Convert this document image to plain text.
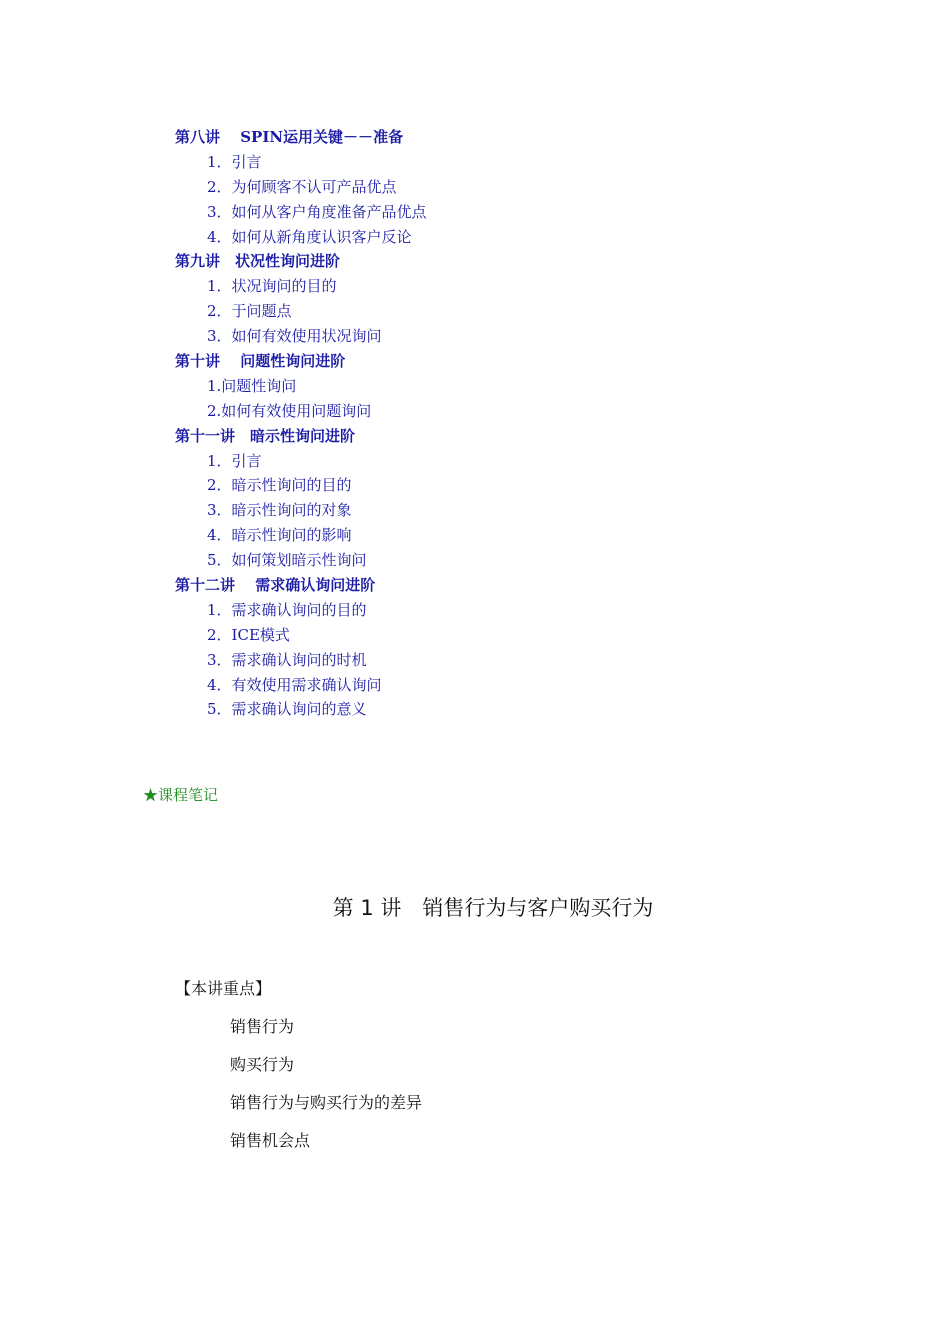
第八讲　 SPIN运用关键－－准备
1．引言
2．为何顾客不认可产品优点
3．如何从客户角度准备产品优点
4．如何从新角度认识客户反论
第九讲　状况性询问进阶
1．状况询问的目的
2．于问题点
3．如何有效使用状况询问
第十讲　 问题性询问进阶
1.问题性询问
2.如何有效使用问题询问
第十一讲　暗示性询问进阶
1．引言
2．暗示性询问的目的
3．暗示性询问的对象
4．暗示性询问的影响
5．如何策划暗示性询问
第十二讲　 需求确认询问进阶
1．需求确认询问的目的
2．ICE模式
3．需求确认询问的时机
4．有效使用需求确认询问
5．需求确认询问的意义
★课程笔记
第 1 讲　销售行为与客户购买行为
【本讲重点】
销售行为
购买行为
销售行为与购买行为的差异
销售机会点
